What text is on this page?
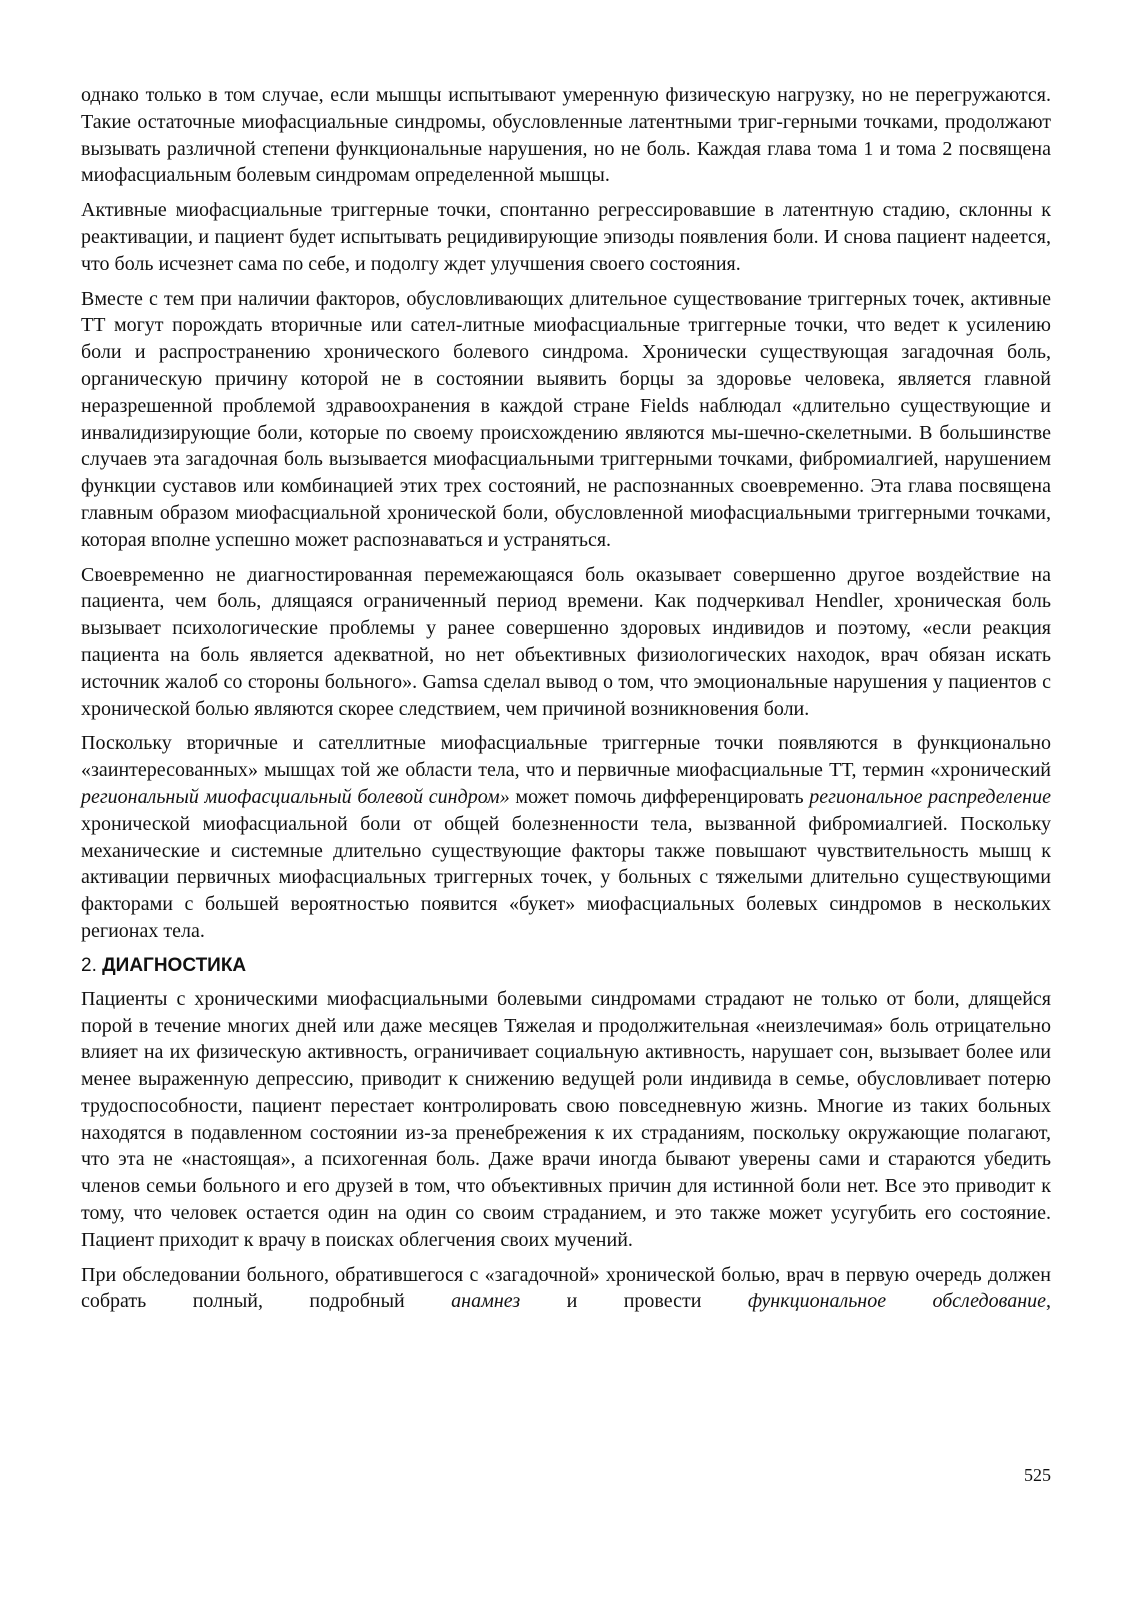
однако только в том случае, если мышцы испытывают умеренную физическую нагрузку, но не перегружаются. Такие остаточные миофасциальные синдромы, обусловленные латентными триг-герными точками, продолжают вызывать различной степени функциональные нарушения, но не боль. Каждая глава тома 1 и тома 2 посвящена миофасциальным болевым синдромам определенной мышцы.

Активные миофасциальные триггерные точки, спонтанно регрессировавшие в латентную стадию, склонны к реактивации, и пациент будет испытывать рецидивирующие эпизоды появления боли. И снова пациент надеется, что боль исчезнет сама по себе, и подолгу ждет улучшения своего состояния.

Вместе с тем при наличии факторов, обусловливающих длительное существование триггерных точек, активные ТТ могут порождать вторичные или сател-литные миофасциальные триггерные точки, что ведет к усилению боли и распространению хронического болевого синдрома. Хронически существующая загадочная боль, органическую причину которой не в состоянии выявить борцы за здоровье человека, является главной неразрешенной проблемой здравоохранения в каждой стране Fields наблюдал «длительно существующие и инвалидизирующие боли, которые по своему происхождению являются мы-шечно-скелетными. В большинстве случаев эта загадочная боль вызывается миофасциальными триггерными точками, фибромиалгией, нарушением функции суставов или комбинацией этих трех состояний, не распознанных своевременно. Эта глава посвящена главным образом миофасциальной хронической боли, обусловленной миофасциальными триггерными точками, которая вполне успешно может распознаваться и устраняться.

Своевременно не диагностированная перемежающаяся боль оказывает совершенно другое воздействие на пациента, чем боль, длящаяся ограниченный период времени. Как подчеркивал Hendler, хроническая боль вызывает психологические проблемы у ранее совершенно здоровых индивидов и поэтому, «если реакция пациента на боль является адекватной, но нет объективных физиологических находок, врач обязан искать источник жалоб со стороны больного». Gamsa сделал вывод о том, что эмоциональные нарушения у пациентов с хронической болью являются скорее следствием, чем причиной возникновения боли.

Поскольку вторичные и сателлитные миофасциальные триггерные точки появляются в функционально «заинтересованных» мышцах той же области тела, что и первичные миофасциальные ТТ, термин «хронический региональный миофасциальный болевой синдром» может помочь дифференцировать региональное распределение хронической миофасциальной боли от общей болезненности тела, вызванной фибромиалгией. Поскольку механические и системные длительно существующие факторы также повышают чувствительность мышц к активации первичных миофасциальных триггерных точек, у больных с тяжелыми длительно существующими факторами с большей вероятностью появится «букет» миофасциальных болевых синдромов в нескольких регионах тела.

2. ДИАГНОСТИКА

Пациенты с хроническими миофасциальными болевыми синдромами страдают не только от боли, длящейся порой в течение многих дней или даже месяцев Тяжелая и продолжительная «неизлечимая» боль отрицательно влияет на их физическую активность, ограничивает социальную активность, нарушает сон, вызывает более или менее выраженную депрессию, приводит к снижению ведущей роли индивида в семье, обусловливает потерю трудоспособности, пациент перестает контролировать свою повседневную жизнь. Многие из таких больных находятся в подавленном состоянии из-за пренебрежения к их страданиям, поскольку окружающие полагают, что эта не «настоящая», а психогенная боль. Даже врачи иногда бывают уверены сами и стараются убедить членов семьи больного и его друзей в том, что объективных причин для истинной боли нет. Все это приводит к тому, что человек остается один на один со своим страданием, и это также может усугубить его состояние. Пациент приходит к врачу в поисках облегчения своих мучений.

При обследовании больного, обратившегося с «загадочной» хронической болью, врач в первую очередь должен собрать полный, подробный анамнез и провести функциональное обследование,

525
